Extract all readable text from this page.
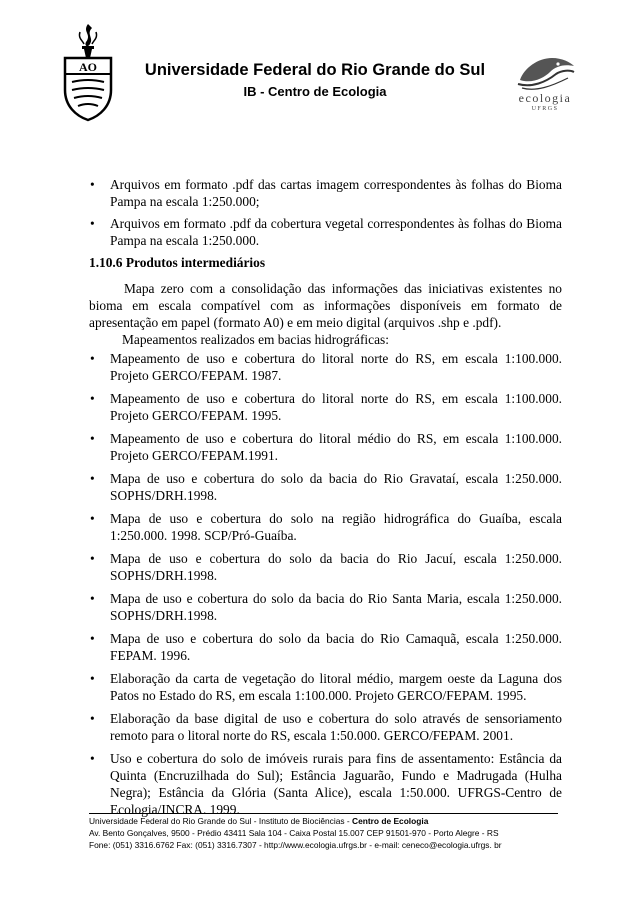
AO	Universidade Federal do Rio Grande do Sul
IB - Centro de Ecologia	ecologia
UFRGS
• Arquivos em formato .pdf das cartas imagem correspondentes às folhas do Bioma Pampa na escala 1:250.000;
• Arquivos em formato .pdf da cobertura vegetal correspondentes às folhas do Bioma Pampa na escala 1:250.000.
1.10.6 Produtos intermediários

Mapa zero com a consolidação das informações das iniciativas existentes no bioma em escala compatível com as informações disponíveis em formato de apresentação em papel (formato A0) e em meio digital (arquivos .shp e .pdf).

Mapeamentos realizados em bacias hidrográficas:

• Mapeamento de uso e cobertura do litoral norte do RS, em escala 1:100.000. Projeto GERCO/FEPAM. 1987.
• Mapeamento de uso e cobertura do litoral norte do RS, em escala 1:100.000. Projeto GERCO/FEPAM. 1995.
• Mapeamento de uso e cobertura do litoral médio do RS, em escala 1:100.000. Projeto GERCO/FEPAM.1991.
• Mapa de uso e cobertura do solo da bacia do Rio Gravataí, escala 1:250.000. SOPHS/DRH.1998.
• Mapa de uso e cobertura do solo na região hidrográfica do Guaíba, escala 1:250.000. 1998. SCP/Pró-Guaíba.
• Mapa de uso e cobertura do solo da bacia do Rio Jacuí, escala 1:250.000. SOPHS/DRH.1998.
• Mapa de uso e cobertura do solo da bacia do Rio Santa Maria, escala 1:250.000. SOPHS/DRH.1998.
• Mapa de uso e cobertura do solo da bacia do Rio Camaquã, escala 1:250.000. FEPAM. 1996.
• Elaboração da carta de vegetação do litoral médio, margem oeste da Laguna dos Patos no Estado do RS, em escala 1:100.000. Projeto GERCO/FEPAM. 1995.
• Elaboração da base digital de uso e cobertura do solo através de sensoriamento remoto para o litoral norte do RS, escala 1:50.000. GERCO/FEPAM. 2001.
• Uso e cobertura do solo de imóveis rurais para fins de assentamento: Estância da Quinta (Encruzilhada do Sul); Estância Jaguarão, Fundo e Madrugada (Hulha Negra); Estância da Glória (Santa Alice), escala 1:50.000. UFRGS-Centro de Ecologia/INCRA. 1999.
Universidade Federal do Rio Grande do Sul - Instituto de Biociências - Centro de Ecologia
Av. Bento Gonçalves, 9500 - Prédio 43411 Sala 104 - Caixa Postal 15.007 CEP 91501-970 - Porto Alegre - RS
Fone: (051) 3316.6762 Fax: (051) 3316.7307 - http://www.ecologia.ufrgs.br - e-mail: ceneco@ecologia.ufrgs. br
